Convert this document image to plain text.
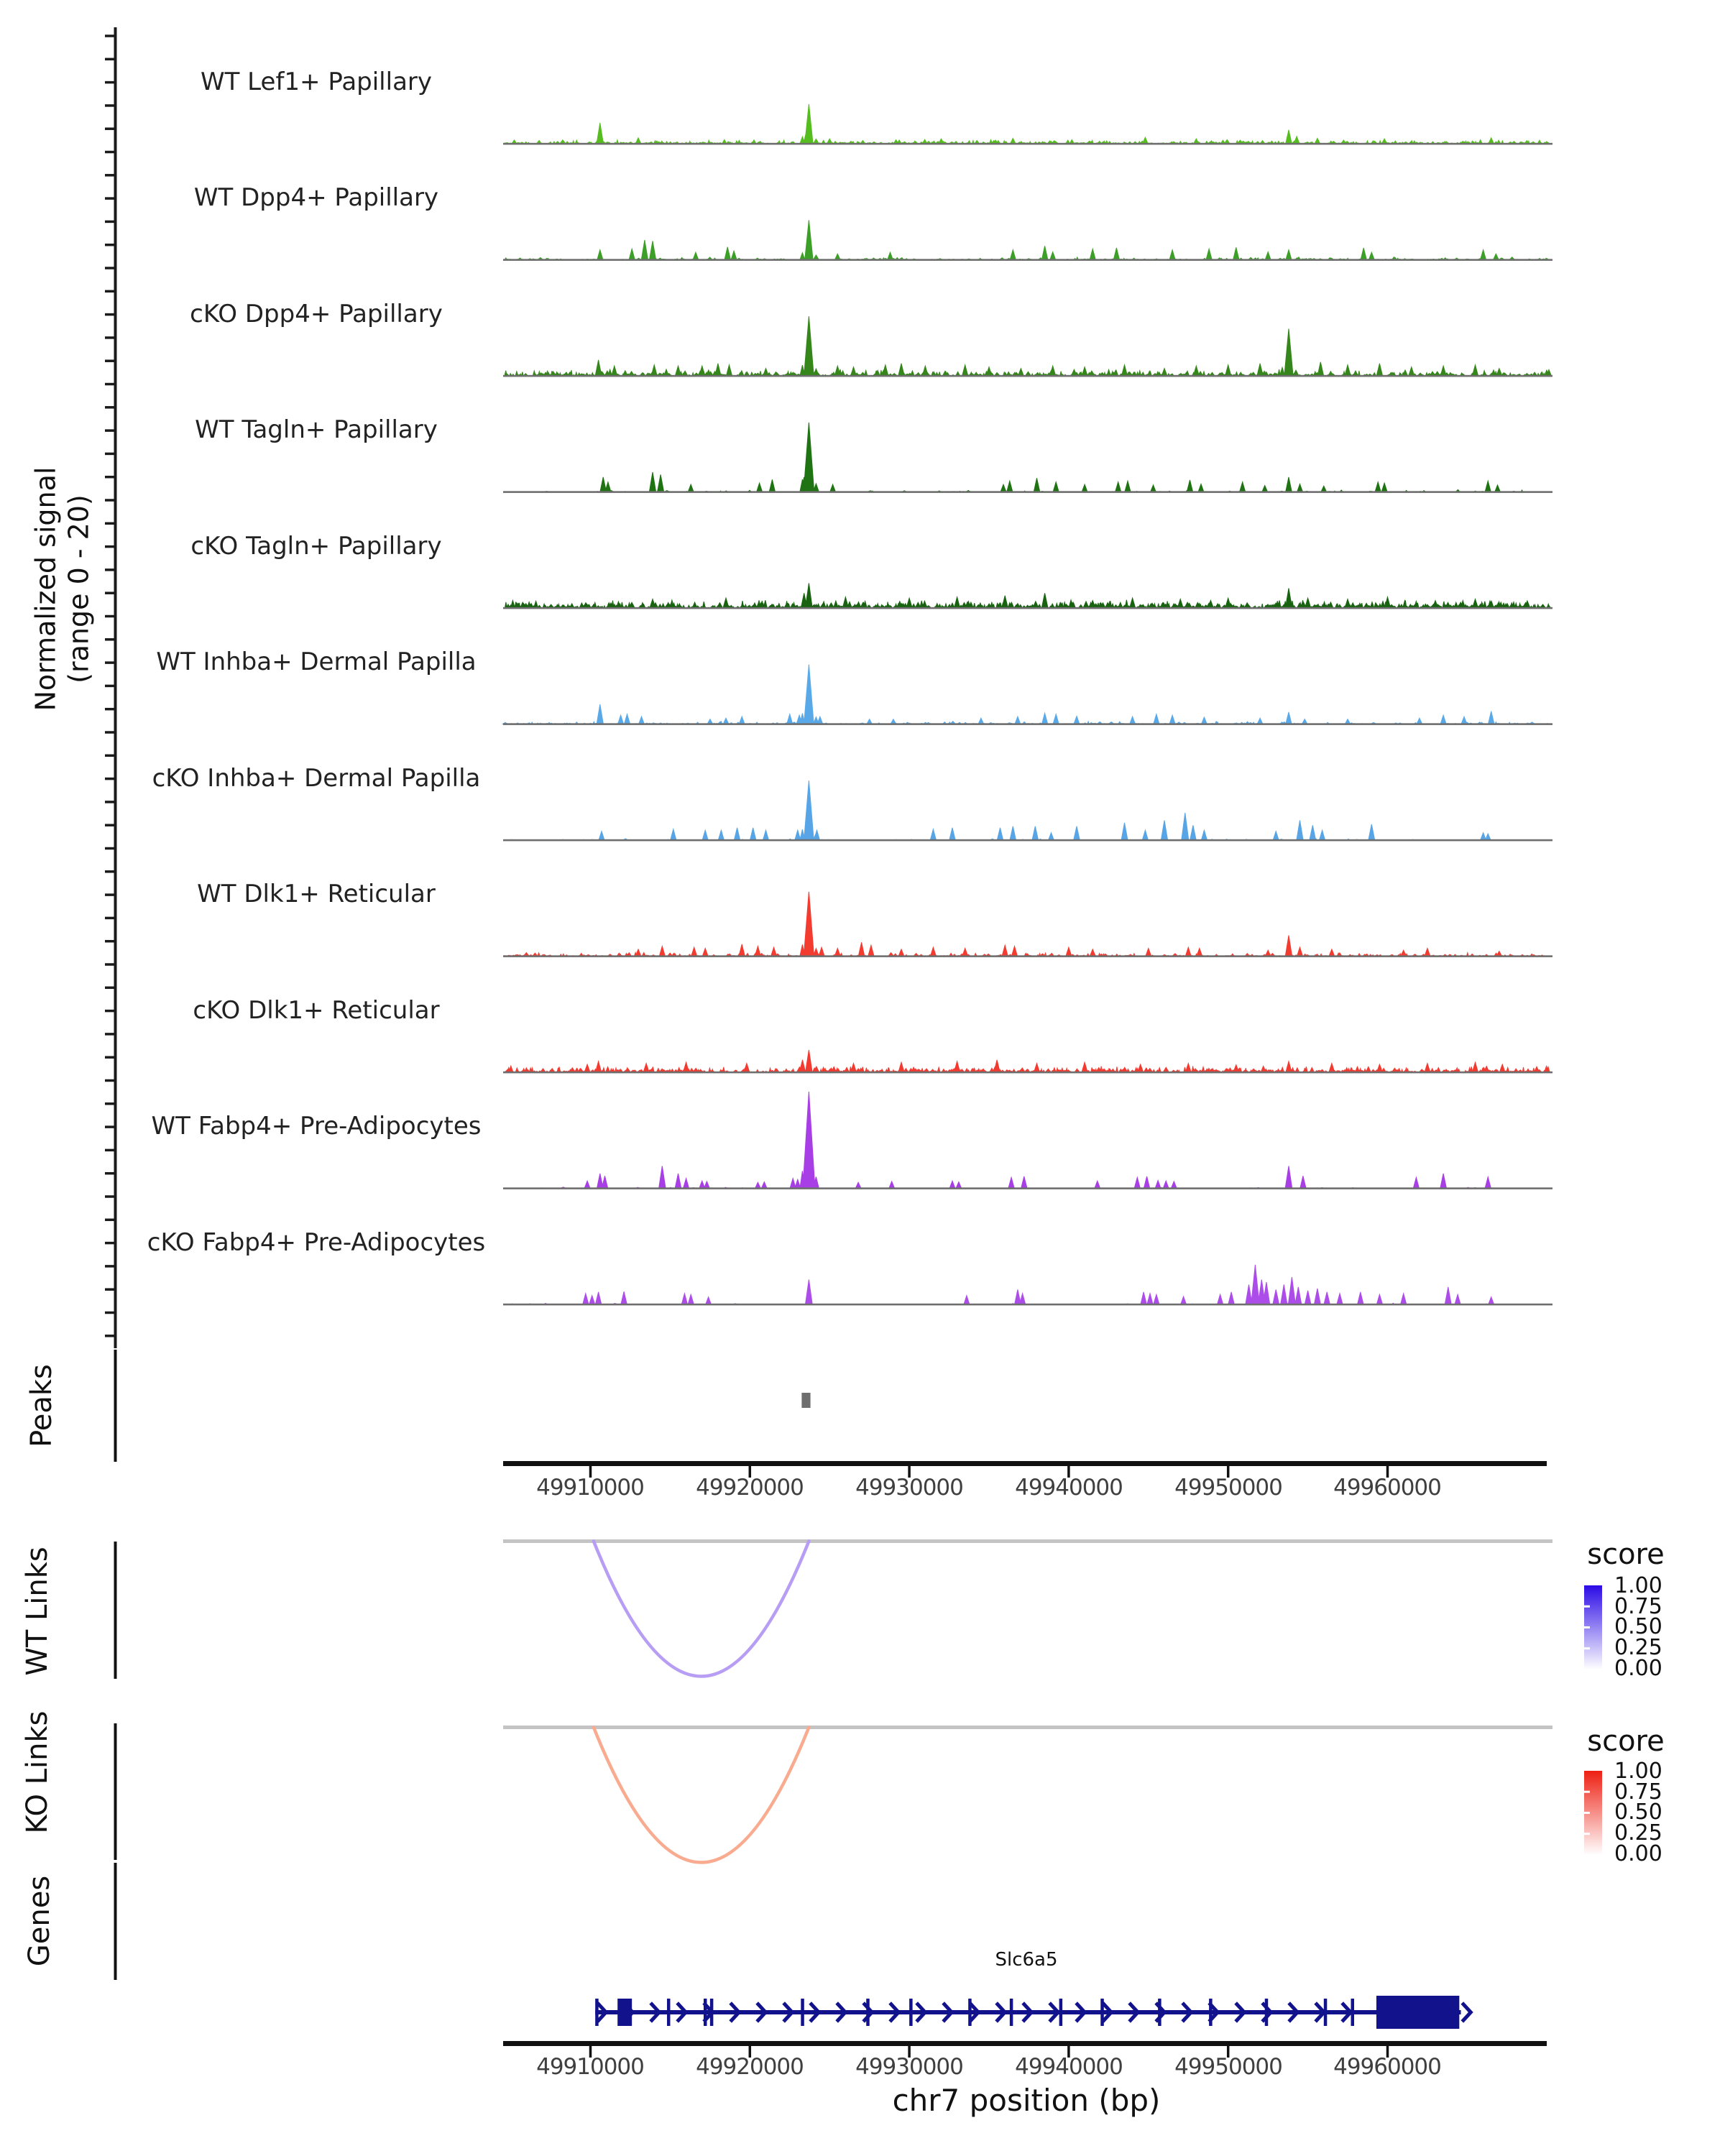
Normalized signal (range 0 - 20)
Peaks
WT Links
KO Links
Genes
WT Lef1+ Papillary
WT Dpp4+ Papillary
cKO Dpp4+ Papillary
WT Tagln+ Papillary
cKO Tagln+ Papillary
WT Inhba+ Dermal Papilla
cKO Inhba+ Dermal Papilla
WT Dlk1+ Reticular
cKO Dlk1+ Reticular
WT Fabp4+ Pre-Adipocytes
cKO Fabp4+ Pre-Adipocytes
49910000	49920000	49930000	49940000	49950000	49960000
49910000	49920000	49930000	49940000	49950000	49960000
chr7 position (bp)
score
1.00
0.75
0.50
0.25
0.00
score
1.00
0.75
0.50
0.25
0.00
Slc6a5
